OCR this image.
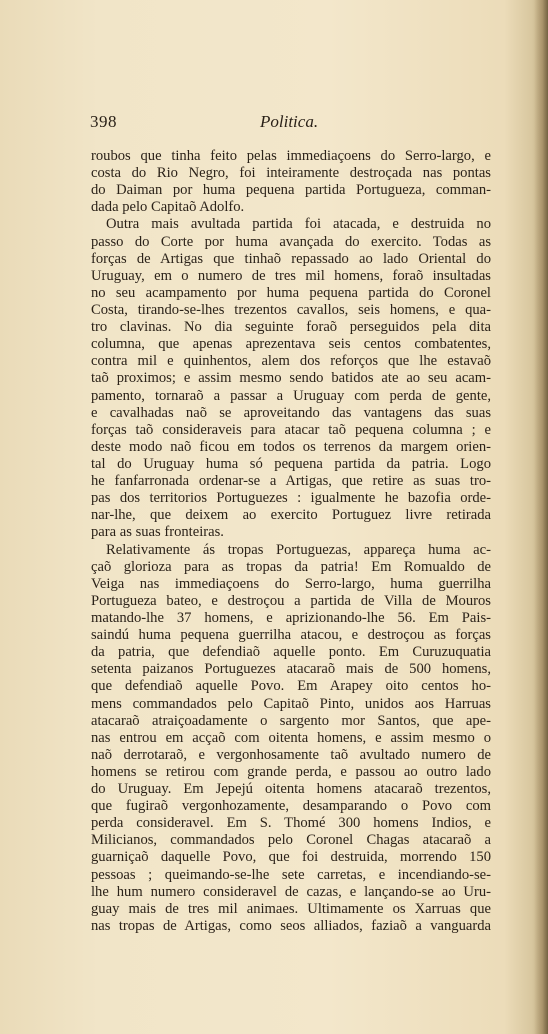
398	Politica.
roubos que tinha feito pelas immediaçoens do Serro-largo, e
costa do Rio Negro, foi inteiramente destroçada nas pontas
do Daiman por huma pequena partida Portugueza, comman-
dada pelo Capitaõ Adolfo.
Outra mais avultada partida foi atacada, e destruida no
passo do Corte por huma avançada do exercito. Todas as
forças de Artigas que tinhaõ repassado ao lado Oriental do
Uruguay, em o numero de tres mil homens, foraõ insultadas
no seu acampamento por huma pequena partida do Coronel
Costa, tirando-se-lhes trezentos cavallos, seis homens, e qua-
tro clavinas. No dia seguinte foraõ perseguidos pela dita
columna, que apenas aprezentava seis centos combatentes,
contra mil e quinhentos, alem dos reforços que lhe estavaõ
taõ proximos; e assim mesmo sendo batidos ate ao seu acam-
pamento, tornaraõ a passar a Uruguay com perda de gente,
e cavalhadas naõ se aproveitando das vantagens das suas
forças taõ consideraveis para atacar taõ pequena columna ; e
deste modo naõ ficou em todos os terrenos da margem orien-
tal do Uruguay huma só pequena partida da patria. Logo
he fanfarronada ordenar-se a Artigas, que retire as suas tro-
pas dos territorios Portuguezes : igualmente he bazofia orde-
nar-lhe, que deixem ao exercito Portuguez livre retirada
para as suas fronteiras.
Relativamente ás tropas Portuguezas, appareça huma ac-
çaõ glorioza para as tropas da patria! Em Romualdo de
Veiga nas immediaçoens do Serro-largo, huma guerrilha
Portugueza bateo, e destroçou a partida de Villa de Mouros
matando-lhe 37 homens, e aprizionando-lhe 56. Em Pais-
saindú huma pequena guerrilha atacou, e destroçou as forças
da patria, que defendiaõ aquelle ponto. Em Curuzuquatia
setenta paizanos Portuguezes atacaraõ mais de 500 homens,
que defendiaõ aquelle Povo. Em Arapey oito centos ho-
mens commandados pelo Capitaõ Pinto, unidos aos Harruas
atacaraõ atraiçoadamente o sargento mor Santos, que ape-
nas entrou em acçaõ com oitenta homens, e assim mesmo o
naõ derrotaraõ, e vergonhosamente taõ avultado numero de
homens se retirou com grande perda, e passou ao outro lado
do Uruguay. Em Jepejú oitenta homens atacaraõ trezentos,
que fugiraõ vergonhozamente, desamparando o Povo com
perda consideravel. Em S. Thomé 300 homens Indios, e
Milicianos, commandados pelo Coronel Chagas atacaraõ a
guarniçaõ daquelle Povo, que foi destruida, morrendo 150
pessoas ; queimando-se-lhe sete carretas, e incendiando-se-
lhe hum numero consideravel de cazas, e lançando-se ao Uru-
guay mais de tres mil animaes. Ultimamente os Xarruas que
nas tropas de Artigas, como seos alliados, faziaõ a vanguarda
